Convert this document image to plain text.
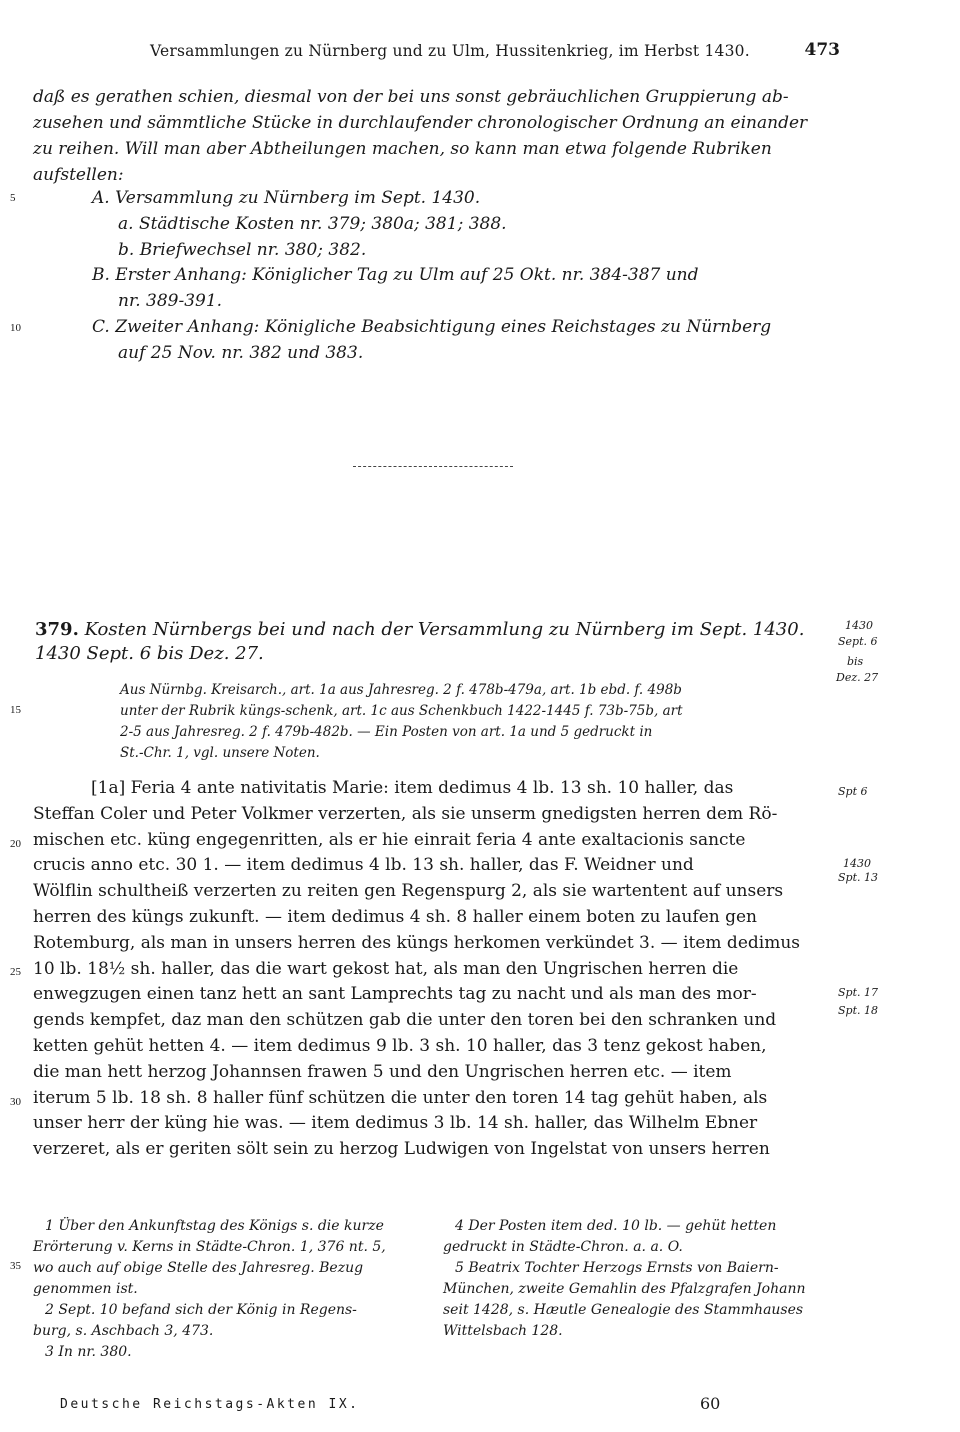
Versammlungen zu Nürnberg und zu Ulm, Hussitenkrieg, im Herbst 1430.	473

daß es gerathen schien, diesmal von der bei uns sonst gebräuchlichen Gruppierung ab-

zusehen und sämmtliche Stücke in durchlaufender chronologischer Ordnung an einander

zu reihen. Will man aber Abtheilungen machen, so kann man etwa folgende Rubriken

aufstellen:

A. Versammlung zu Nürnberg im Sept. 1430.
a. Städtische Kosten nr. 379; 380a; 381; 388.
b. Briefwechsel nr. 380; 382.
B. Erster Anhang: Königlicher Tag zu Ulm auf 25 Okt. nr. 384-387 und
nr. 389-391.
C. Zweiter Anhang: Königliche Beabsichtigung eines Reichstages zu Nürnberg
auf 25 Nov. nr. 382 und 383.
5
10
15
20
25
30
35

379. Kosten Nürnbergs bei und nach der Versammlung zu Nürnberg im Sept. 1430.

1430 Sept. 6 bis Dez. 27.

1430
Sept. 6
bis
Dez. 27

Aus Nürnbg. Kreisarch., art. 1a aus Jahresreg. 2 f. 478b-479a, art. 1b ebd. f. 498b

unter der Rubrik küngs-schenk, art. 1c aus Schenkbuch 1422-1445 f. 73b-75b, art

2-5 aus Jahresreg. 2 f. 479b-482b. — Ein Posten von art. 1a und 5 gedruckt in

St.-Chr. 1, vgl. unsere Noten.

[1a] Feria 4 ante nativitatis Marie: item dedimus 4 lb. 13 sh. 10 haller, das

Steffan Coler und Peter Volkmer verzerten, als sie unserm gnedigsten herren dem Rö-

mischen etc. küng engegenritten, als er hie einrait feria 4 ante exaltacionis sancte

crucis anno etc. 30 1. — item dedimus 4 lb. 13 sh. haller, das F. Weidner und

Wölflin schultheiß verzerten zu reiten gen Regenspurg 2, als sie wartentent auf unsers

herren des küngs zukunft. — item dedimus 4 sh. 8 haller einem boten zu laufen gen

Rotemburg, als man in unsers herren des küngs herkomen verkündet 3. — item dedimus

10 lb. 18½ sh. haller, das die wart gekost hat, als man den Ungrischen herren die

enwegzugen einen tanz hett an sant Lamprechts tag zu nacht und als man des mor-

gends kempfet, daz man den schützen gab die unter den toren bei den schranken und

ketten gehüt hetten 4. — item dedimus 9 lb. 3 sh. 10 haller, das 3 tenz gekost haben,

die man hett herzog Johannsen frawen 5 und den Ungrischen herren etc. — item

iterum 5 lb. 18 sh. 8 haller fünf schützen die unter den toren 14 tag gehüt haben, als

unser herr der küng hie was. — item dedimus 3 lb. 14 sh. haller, das Wilhelm Ebner

verzeret, als er geriten sölt sein zu herzog Ludwigen von Ingelstat von unsers herren

Spt 6
1430
Spt. 13
Spt. 17
Spt. 18

1 Über den Ankunftstag des Königs s. die kurze

Erörterung v. Kerns in Städte-Chron. 1, 376 nt. 5,

wo auch auf obige Stelle des Jahresreg. Bezug

genommen ist.

2 Sept. 10 befand sich der König in Regens-

burg, s. Aschbach 3, 473.

3 In nr. 380.

4 Der Posten item ded. 10 lb. — gehüt hetten

gedruckt in Städte-Chron. a. a. O.

5 Beatrix Tochter Herzogs Ernsts von Baiern-

München, zweite Gemahlin des Pfalzgrafen Johann

seit 1428, s. Hæutle Genealogie des Stammhauses

Wittelsbach 128.

Deutsche Reichstags-Akten IX.	60
